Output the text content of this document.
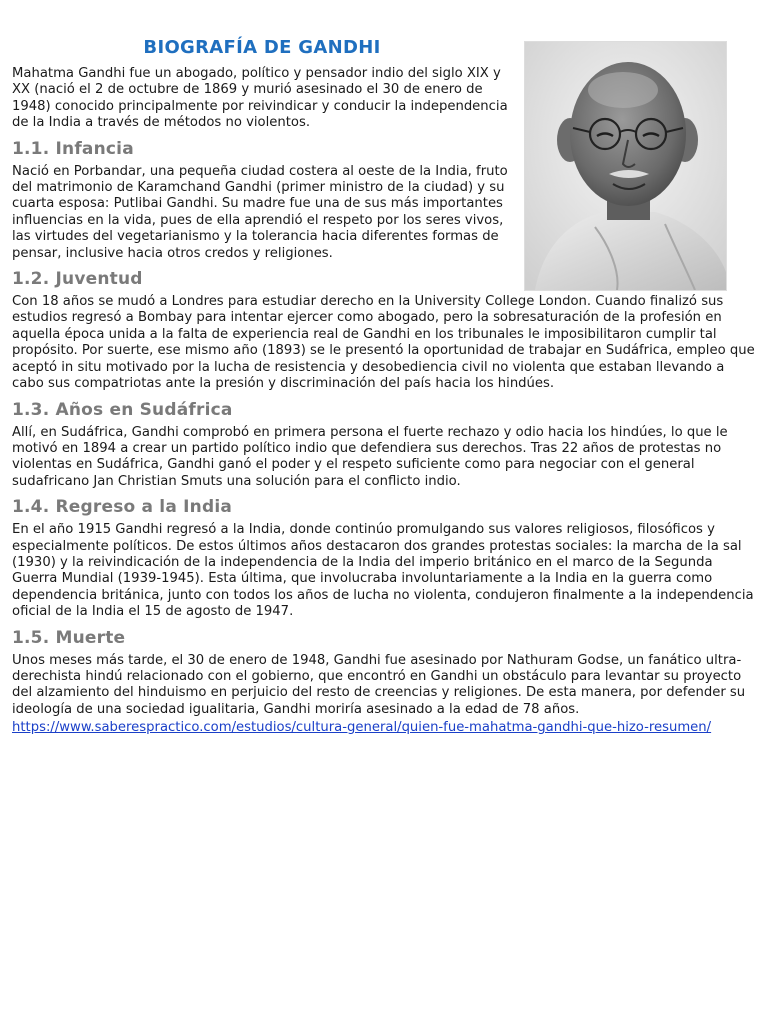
BIOGRAFÍA DE GANDHI

Mahatma Gandhi fue un abogado, político y pensador indio del siglo XIX y XX (nació el 2 de octubre de 1869 y murió asesinado el 30 de enero de 1948) conocido principalmente por reivindicar y conducir la independencia de la India a través de métodos no violentos.

1.1. Infancia

Nació en Porbandar, una pequeña ciudad costera al oeste de la India, fruto del matrimonio de Karamchand Gandhi (primer ministro de la ciudad) y su cuarta esposa: Putlibai Gandhi. Su madre fue una de sus más importantes influencias en la vida, pues de ella aprendió el respeto por los seres vivos, las virtudes del vegetarianismo y la tolerancia hacia diferentes formas de pensar, inclusive hacia otros credos y religiones.

1.2. Juventud

Con 18 años se mudó a Londres para estudiar derecho en la University College London. Cuando finalizó sus estudios regresó a Bombay para intentar ejercer como abogado, pero la sobresaturación de la profesión en aquella época unida a la falta de experiencia real de Gandhi en los tribunales le imposibilitaron cumplir tal propósito. Por suerte, ese mismo año (1893) se le presentó la oportunidad de trabajar en Sudáfrica, empleo que aceptó in situ motivado por la lucha de resistencia y desobediencia civil no violenta que estaban llevando a cabo sus compatriotas ante la presión y discriminación del país hacia los hindúes.

1.3. Años en Sudáfrica

Allí, en Sudáfrica, Gandhi comprobó en primera persona el fuerte rechazo y odio hacia los hindúes, lo que le motivó en 1894 a crear un partido político indio que defendiera sus derechos. Tras 22 años de protestas no violentas en Sudáfrica, Gandhi ganó el poder y el respeto suficiente como para negociar con el general sudafricano Jan Christian Smuts una solución para el conflicto indio.

1.4. Regreso a la India

En el año 1915 Gandhi regresó a la India, donde continúo promulgando sus valores religiosos, filosóficos y especialmente políticos. De estos últimos años destacaron dos grandes protestas sociales: la marcha de la sal (1930) y la reivindicación de la independencia de la India del imperio británico en el marco de la Segunda Guerra Mundial (1939-1945). Esta última, que involucraba involuntariamente a la India en la guerra como dependencia británica, junto con todos los años de lucha no violenta, condujeron finalmente a la independencia oficial de la India el 15 de agosto de 1947.

1.5. Muerte

Unos meses más tarde, el 30 de enero de 1948, Gandhi fue asesinado por Nathuram Godse, un fanático ultra-derechista hindú relacionado con el gobierno, que encontró en Gandhi un obstáculo para levantar su proyecto del alzamiento del hinduismo en perjuicio del resto de creencias y religiones. De esta manera, por defender su ideología de una sociedad igualitaria, Gandhi moriría asesinado a la edad de 78 años.

https://www.saberespractico.com/estudios/cultura-general/quien-fue-mahatma-gandhi-que-hizo-resumen/
